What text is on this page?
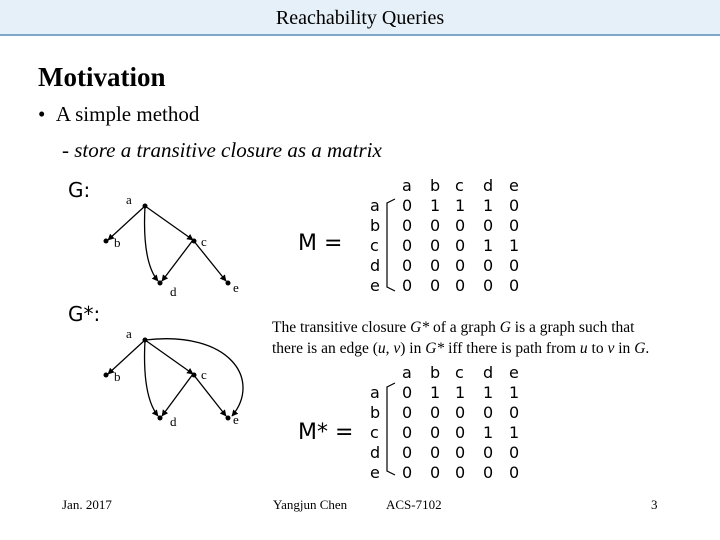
Reachability Queries
Motivation
•  A simple method
- store a transitive closure as a matrix
G:	a
b	c
d	e
G*:
a
b	c
d	e
M =
M* =
a b c d e
a 0 1 1 1 0
b 0 0 0 0 0
c 0 0 0 1 1
d 0 0 0 0 0
e 0 0 0 0 0
a b c d e
a 0 1 1 1 1
b 0 0 0 0 0
c 0 0 0 1 1
d 0 0 0 0 0
e 0 0 0 0 0
The transitive closure G* of a graph G is a graph such that
there is an edge (u, v) in G* iff there is path from u to v in G.
Jan. 2017	Yangjun Chen	ACS-7102	3
